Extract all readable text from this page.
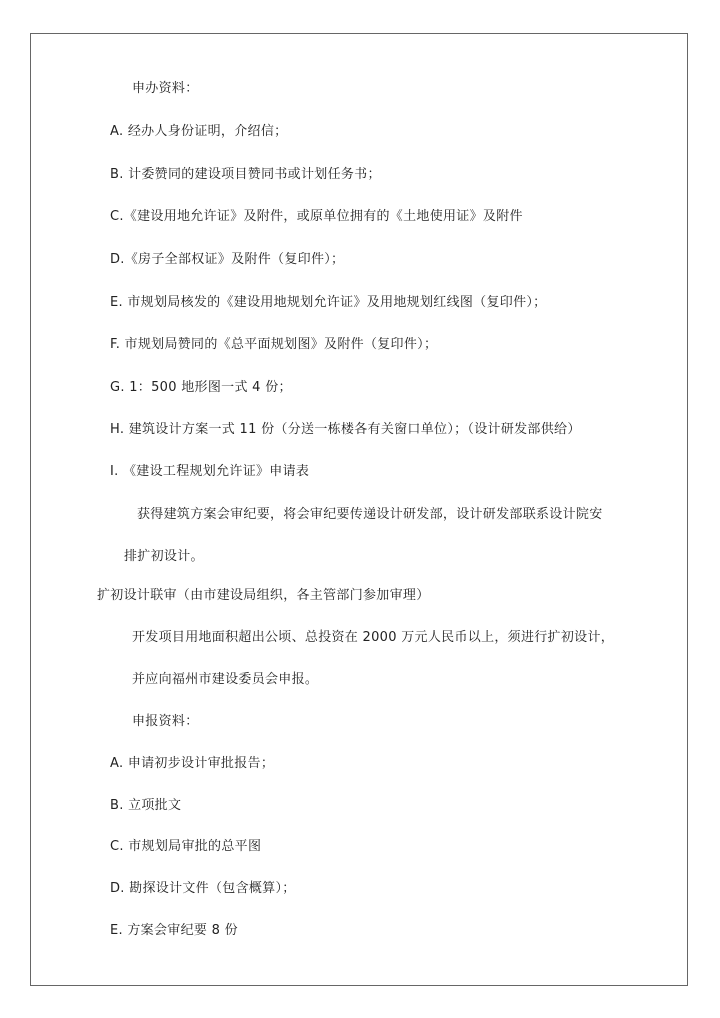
申办资料：
A. 经办人身份证明，介绍信；
B. 计委赞同的建设项目赞同书或计划任务书；
C.《建设用地允许证》及附件，或原单位拥有的《土地使用证》及附件
D.《房子全部权证》及附件（复印件）；
E. 市规划局核发的《建设用地规划允许证》及用地规划红线图（复印件）；
F. 市规划局赞同的《总平面规划图》及附件（复印件）；
G. 1：500 地形图一式 4 份；
H. 建筑设计方案一式 11 份（分送一栋楼各有关窗口单位）；（设计研发部供给）
I. 《建设工程规划允许证》申请表
获得建筑方案会审纪要，将会审纪要传递设计研发部，设计研发部联系设计院安
排扩初设计。
扩初设计联审（由市建设局组织，各主管部门参加审理）
开发项目用地面积超出公顷、总投资在 2000 万元人民币以上，须进行扩初设计，
并应向福州市建设委员会申报。
申报资料：
A. 申请初步设计审批报告；
B. 立项批文
C. 市规划局审批的总平图
D. 勘探设计文件（包含概算）；
E. 方案会审纪要 8 份
